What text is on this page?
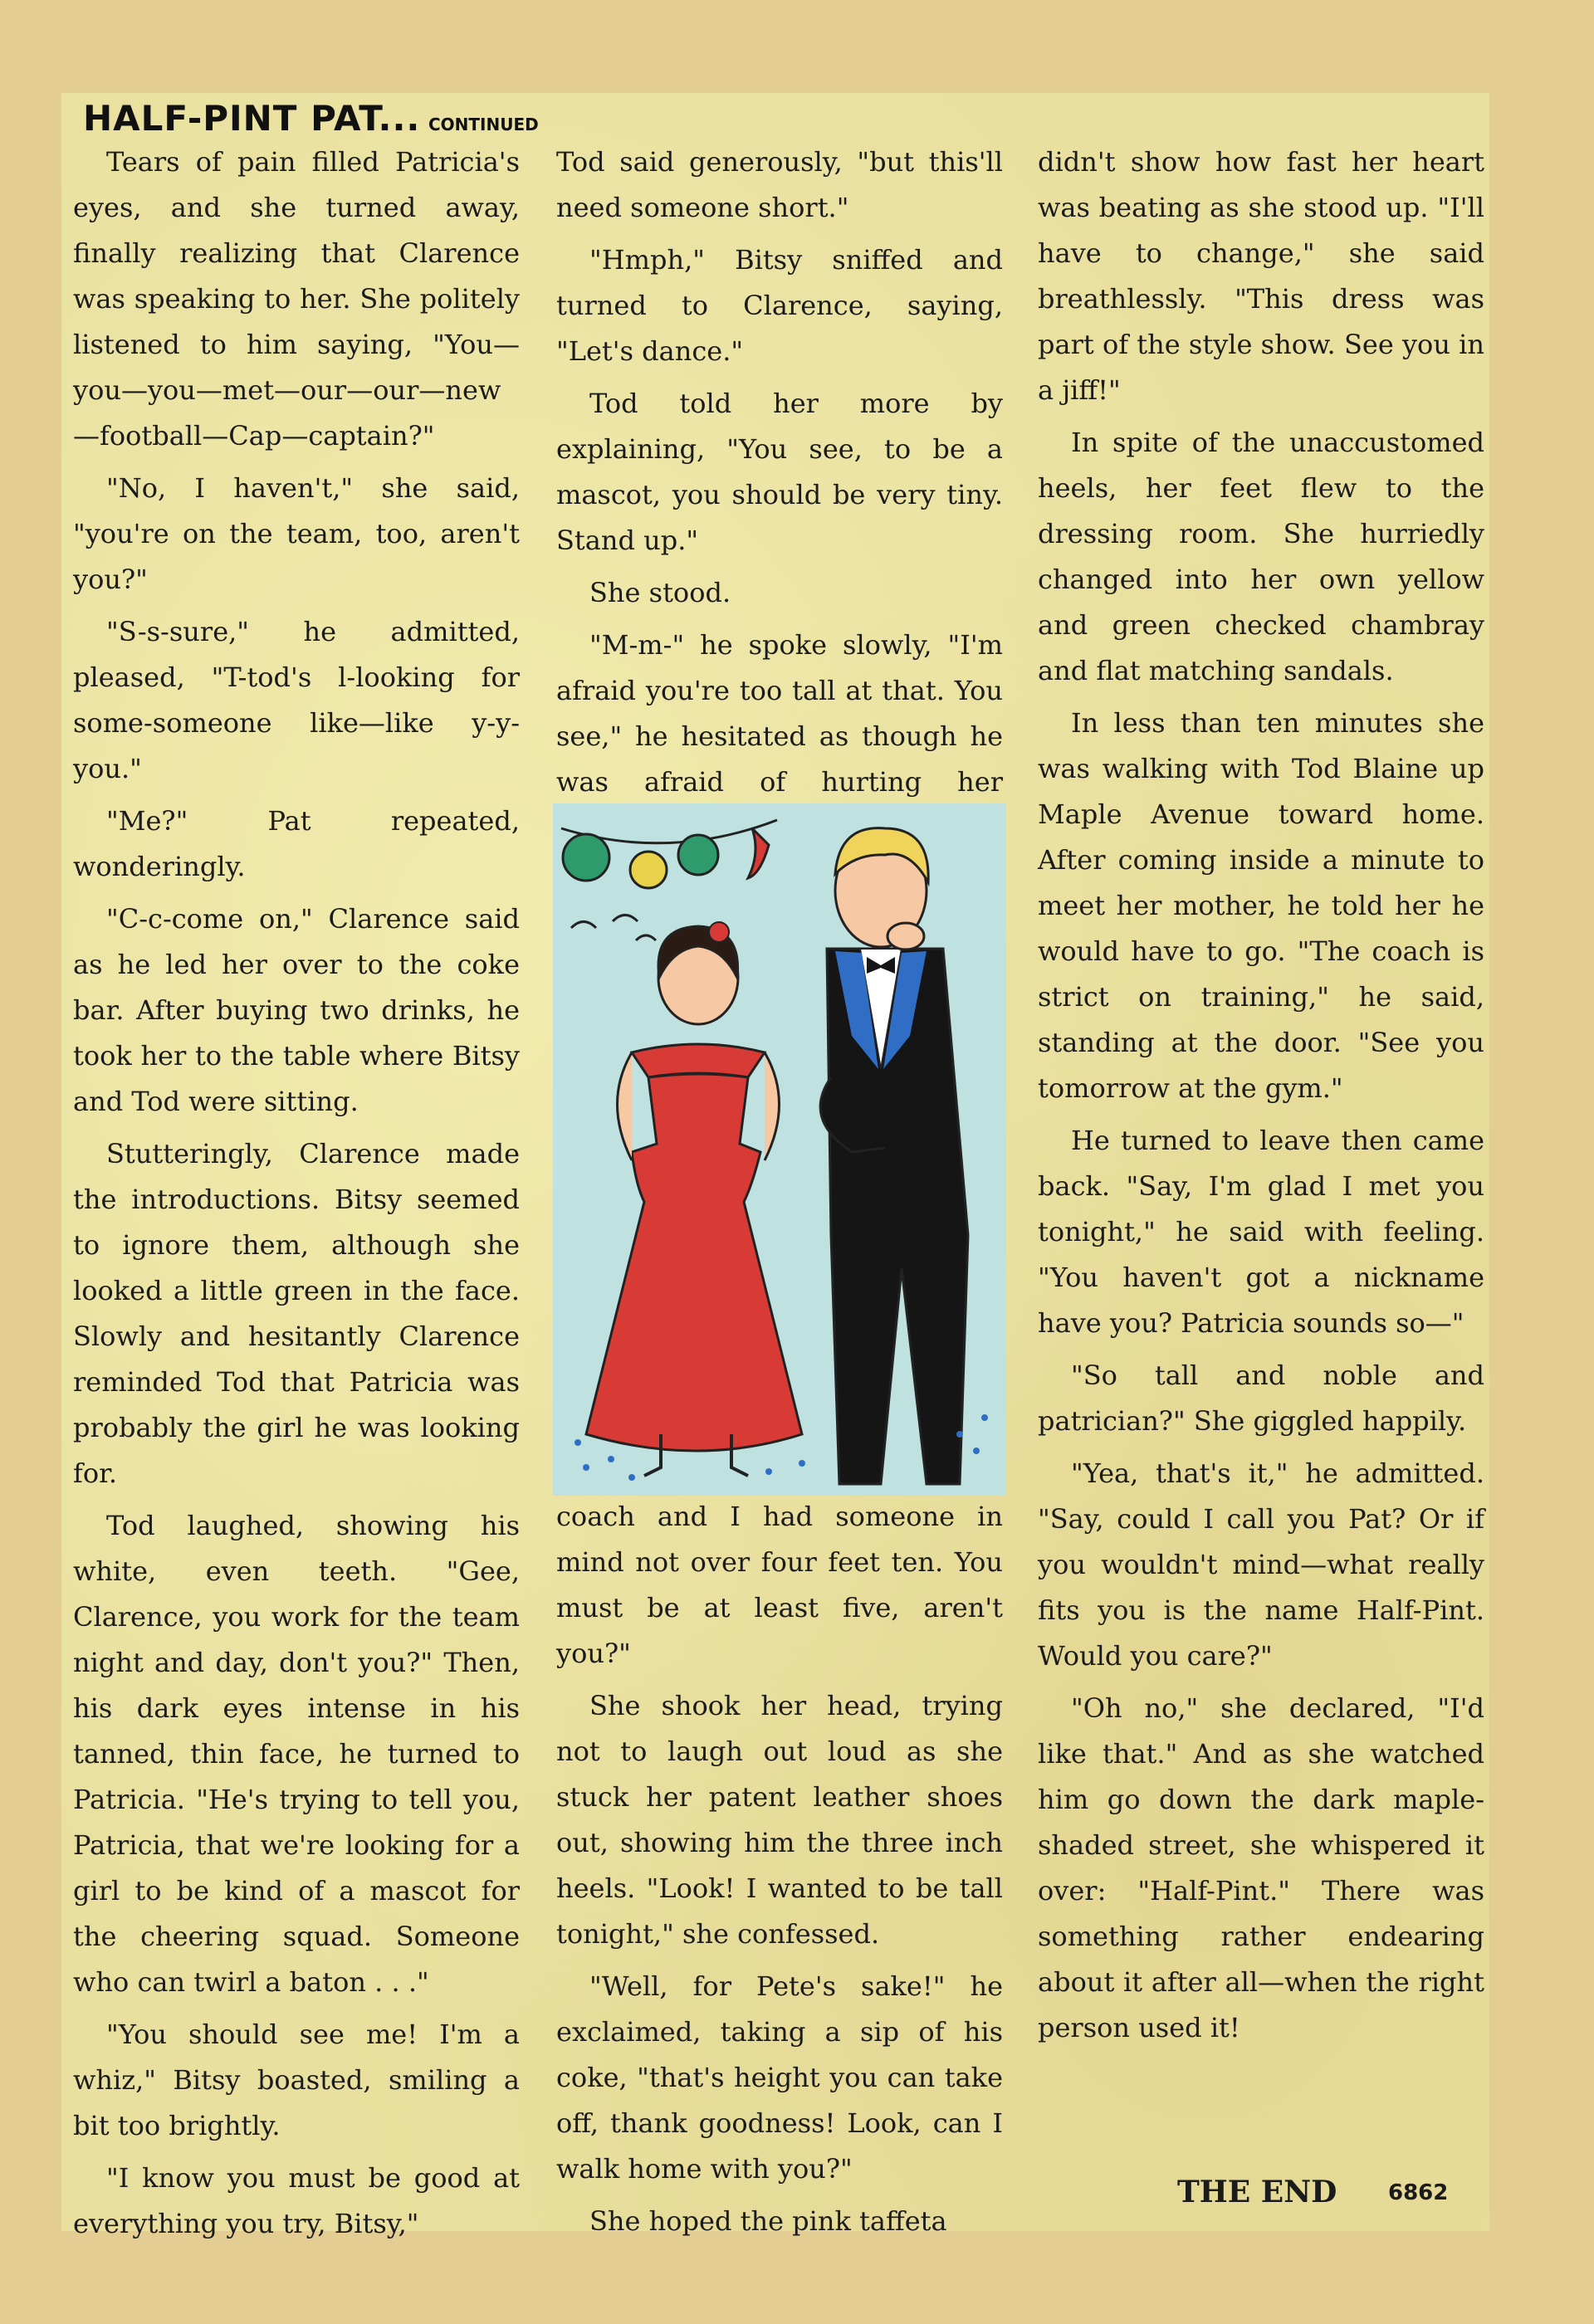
HALF-PINT PAT... CONTINUED

Tears of pain filled Patricia's eyes, and she turned away, finally realizing that Clarence was speaking to her. She politely listened to him saying, "You—you—you—met—our—our—new—football—Cap—captain?"

"No, I haven't," she said, "you're on the team, too, aren't you?"

"S-s-sure," he admitted, pleased, "T-tod's l-looking for some-someone like—like y-y-you."

"Me?" Pat repeated, wonderingly.

"C-c-come on," Clarence said as he led her over to the coke bar. After buying two drinks, he took her to the table where Bitsy and Tod were sitting.

Stutteringly, Clarence made the introductions. Bitsy seemed to ignore them, although she looked a little green in the face. Slowly and hesitantly Clarence reminded Tod that Patricia was probably the girl he was looking for.

Tod laughed, showing his white, even teeth. "Gee, Clarence, you work for the team night and day, don't you?" Then, his dark eyes intense in his tanned, thin face, he turned to Patricia. "He's trying to tell you, Patricia, that we're looking for a girl to be kind of a mascot for the cheering squad. Someone who can twirl a baton . . ."

"You should see me! I'm a whiz," Bitsy boasted, smiling a bit too brightly.

"I know you must be good at everything you try, Bitsy,"

Tod said generously, "but this'll need someone short."

"Hmph," Bitsy sniffed and turned to Clarence, saying, "Let's dance."

Tod told her more by explaining, "You see, to be a mascot, you should be very tiny. Stand up."

She stood.

"M-m-" he spoke slowly, "I'm afraid you're too tall at that. You see," he hesitated as though he was afraid of hurting her

coach and I had someone in mind not over four feet ten. You must be at least five, aren't you?"

She shook her head, trying not to laugh out loud as she stuck her patent leather shoes out, showing him the three inch heels. "Look! I wanted to be tall tonight," she confessed.

"Well, for Pete's sake!" he exclaimed, taking a sip of his coke, "that's height you can take off, thank goodness! Look, can I walk home with you?"

She hoped the pink taffeta

didn't show how fast her heart was beating as she stood up. "I'll have to change," she said breathlessly. "This dress was part of the style show. See you in a jiff!"

In spite of the unaccustomed heels, her feet flew to the dressing room. She hurriedly changed into her own yellow and green checked chambray and flat matching sandals.

In less than ten minutes she was walking with Tod Blaine up Maple Avenue toward home. After coming inside a minute to meet her mother, he told her he would have to go. "The coach is strict on training," he said, standing at the door. "See you tomorrow at the gym."

He turned to leave then came back. "Say, I'm glad I met you tonight," he said with feeling. "You haven't got a nickname have you? Patricia sounds so—"

"So tall and noble and patrician?" She giggled happily.

"Yea, that's it," he admitted. "Say, could I call you Pat? Or if you wouldn't mind—what really fits you is the name Half-Pint. Would you care?"

"Oh no," she declared, "I'd like that." And as she watched him go down the dark maple-shaded street, she whispered it over: "Half-Pint." There was something rather endearing about it after all—when the right person used it!

THE END 6862
